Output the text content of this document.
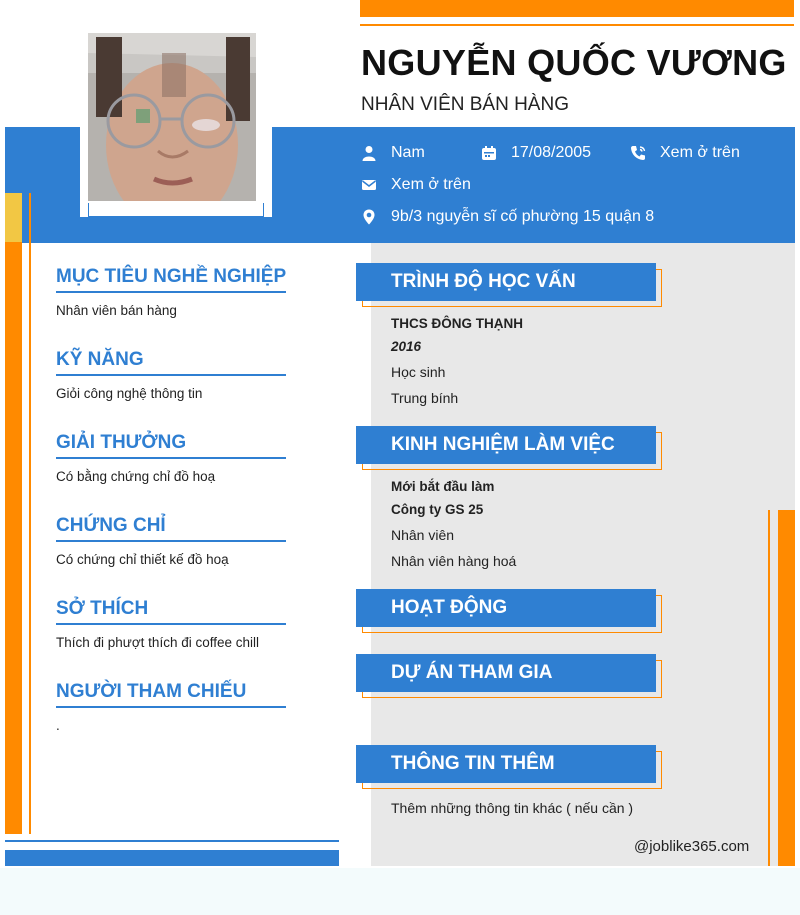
NGUYỄN QUỐC VƯƠNG
NHÂN VIÊN BÁN HÀNG
Nam	17/08/2005	Xem ở trên
Xem ở trên
9b/3 nguyễn sĩ cố phường 15 quận 8
MỤC TIÊU NGHỀ NGHIỆP
Nhân viên bán hàng
KỸ NĂNG
Giỏi công nghệ thông tin
GIẢI THƯỞNG
Có bằng chứng chỉ đồ hoạ
CHỨNG CHỈ
Có chứng chỉ thiết kế đồ hoạ
SỞ THÍCH
Thích đi phượt thích đi coffee chill
NGƯỜI THAM CHIẾU
.
TRÌNH ĐỘ HỌC VẤN
THCS ĐÔNG THẠNH
2016
Học sinh
Trung bính
KINH NGHIỆM LÀM VIỆC
Mới bắt đầu làm
Công ty GS 25
Nhân viên
Nhân viên hàng hoá
HOẠT ĐỘNG
DỰ ÁN THAM GIA
THÔNG TIN THÊM
Thêm những thông tin khác ( nếu cần )
@joblike365.com
